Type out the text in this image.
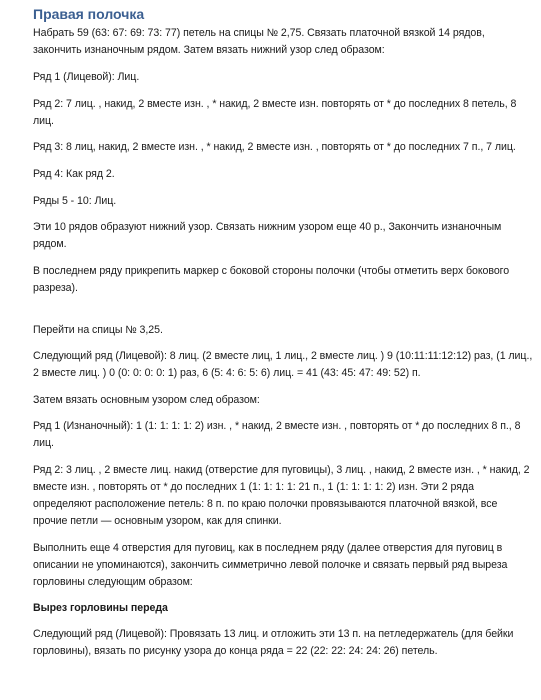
Правая полочка

Набрать 59 (63: 67: 69: 73: 77) петель на спицы № 2,75. Связать платочной вязкой 14 рядов, закончить изнаночным рядом. Затем вязать нижний узор след образом:

Ряд 1 (Лицевой): Лиц.

Ряд 2: 7 лиц. , накид, 2 вместе изн. , * накид, 2 вместе изн. повторять от * до последних 8 петель, 8 лиц.

Ряд 3: 8 лиц, накид, 2 вместе изн. , * накид, 2 вместе изн. , повторять от * до последних 7 п., 7 лиц.

Ряд 4: Как ряд 2.

Ряды 5 - 10: Лиц.

Эти 10 рядов образуют нижний узор. Связать нижним узором еще 40 р., Закончить изнаночным рядом.

В последнем ряду прикрепить маркер с боковой стороны полочки (чтобы отметить верх бокового разреза).

Перейти на спицы № 3,25.

Следующий ряд (Лицевой): 8 лиц. (2 вместе лиц, 1 лиц., 2 вместе лиц. ) 9 (10:11:11:12:12) раз, (1 лиц., 2 вместе лиц. ) 0 (0: 0: 0: 0: 1) раз, 6 (5: 4: 6: 5: 6) лиц. = 41 (43: 45: 47: 49: 52) п.

Затем вязать основным узором след образом:

Ряд 1 (Изнаночный): 1 (1: 1: 1: 1: 2) изн. , * накид, 2 вместе изн. , повторять от * до последних 8 п., 8 лиц.

Ряд 2: 3 лиц. , 2 вместе лиц. накид (отверстие для пуговицы), 3 лиц. , накид, 2 вместе изн. , * накид, 2 вместе изн. , повторять от * до последних 1 (1: 1: 1: 1: 21 п., 1 (1: 1: 1: 1: 2) изн. Эти 2 ряда определяют расположение петель: 8 п. по краю полочки провязываются платочной вязкой, все прочие петли — основным узором, как для спинки.

Выполнить еще 4 отверстия для пуговиц, как в последнем ряду (далее отверстия для пуговиц в описании не упоминаются), закончить симметрично левой полочке и связать первый ряд выреза горловины следующим образом:

Вырез горловины переда

Следующий ряд (Лицевой): Провязать 13 лиц. и отложить эти 13 п. на петледержатель (для бейки горловины), вязать по рисунку узора до конца ряда = 22 (22: 22: 24: 24: 26) петель.
